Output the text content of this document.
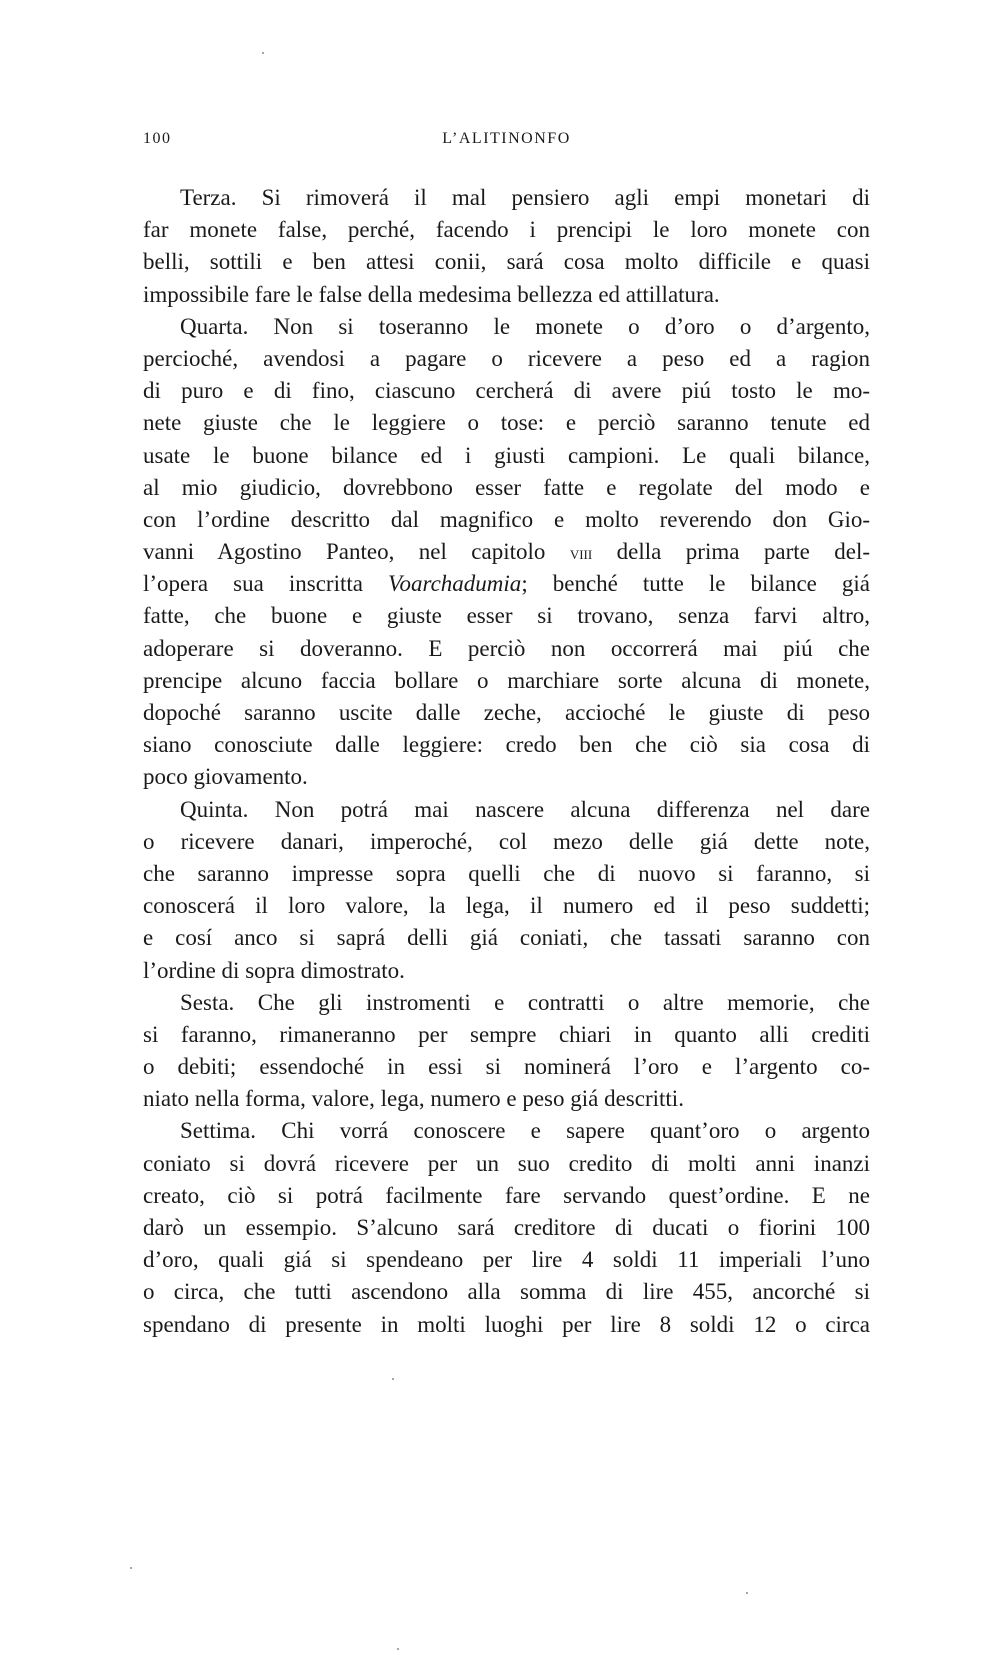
100	L’ALITINONFO
Terza. Si rimoverá il mal pensiero agli empi monetari di
far monete false, perché, facendo i prencipi le loro monete con
belli, sottili e ben attesi conii, sará cosa molto difficile e quasi
impossibile fare le false della medesima bellezza ed attillatura.
Quarta. Non si toseranno le monete o d’oro o d’argento,
percioché, avendosi a pagare o ricevere a peso ed a ragion
di puro e di fino, ciascuno cercherá di avere piú tosto le mo-
nete giuste che le leggiere o tose: e perciò saranno tenute ed
usate le buone bilance ed i giusti campioni. Le quali bilance,
al mio giudicio, dovrebbono esser fatte e regolate del modo e
con l’ordine descritto dal magnifico e molto reverendo don Gio-
vanni Agostino Panteo, nel capitolo viii della prima parte del-
l’opera sua inscritta Voarchadumia; benché tutte le bilance giá
fatte, che buone e giuste esser si trovano, senza farvi altro,
adoperare si doveranno. E perciò non occorrerá mai piú che
prencipe alcuno faccia bollare o marchiare sorte alcuna di monete,
dopoché saranno uscite dalle zeche, accioché le giuste di peso
siano conosciute dalle leggiere: credo ben che ciò sia cosa di
poco giovamento.
Quinta. Non potrá mai nascere alcuna differenza nel dare
o ricevere danari, imperoché, col mezo delle giá dette note,
che saranno impresse sopra quelli che di nuovo si faranno, si
conoscerá il loro valore, la lega, il numero ed il peso suddetti;
e cosí anco si saprá delli giá coniati, che tassati saranno con
l’ordine di sopra dimostrato.
Sesta. Che gli instromenti e contratti o altre memorie, che
si faranno, rimaneranno per sempre chiari in quanto alli crediti
o debiti; essendoché in essi si nominerá l’oro e l’argento co-
niato nella forma, valore, lega, numero e peso giá descritti.
Settima. Chi vorrá conoscere e sapere quant’oro o argento
coniato si dovrá ricevere per un suo credito di molti anni inanzi
creato, ciò si potrá facilmente fare servando quest’ordine. E ne
darò un essempio. S’alcuno sará creditore di ducati o fiorini 100
d’oro, quali giá si spendeano per lire 4 soldi 11 imperiali l’uno
o circa, che tutti ascendono alla somma di lire 455, ancorché si
spendano di presente in molti luoghi per lire 8 soldi 12 o circa
